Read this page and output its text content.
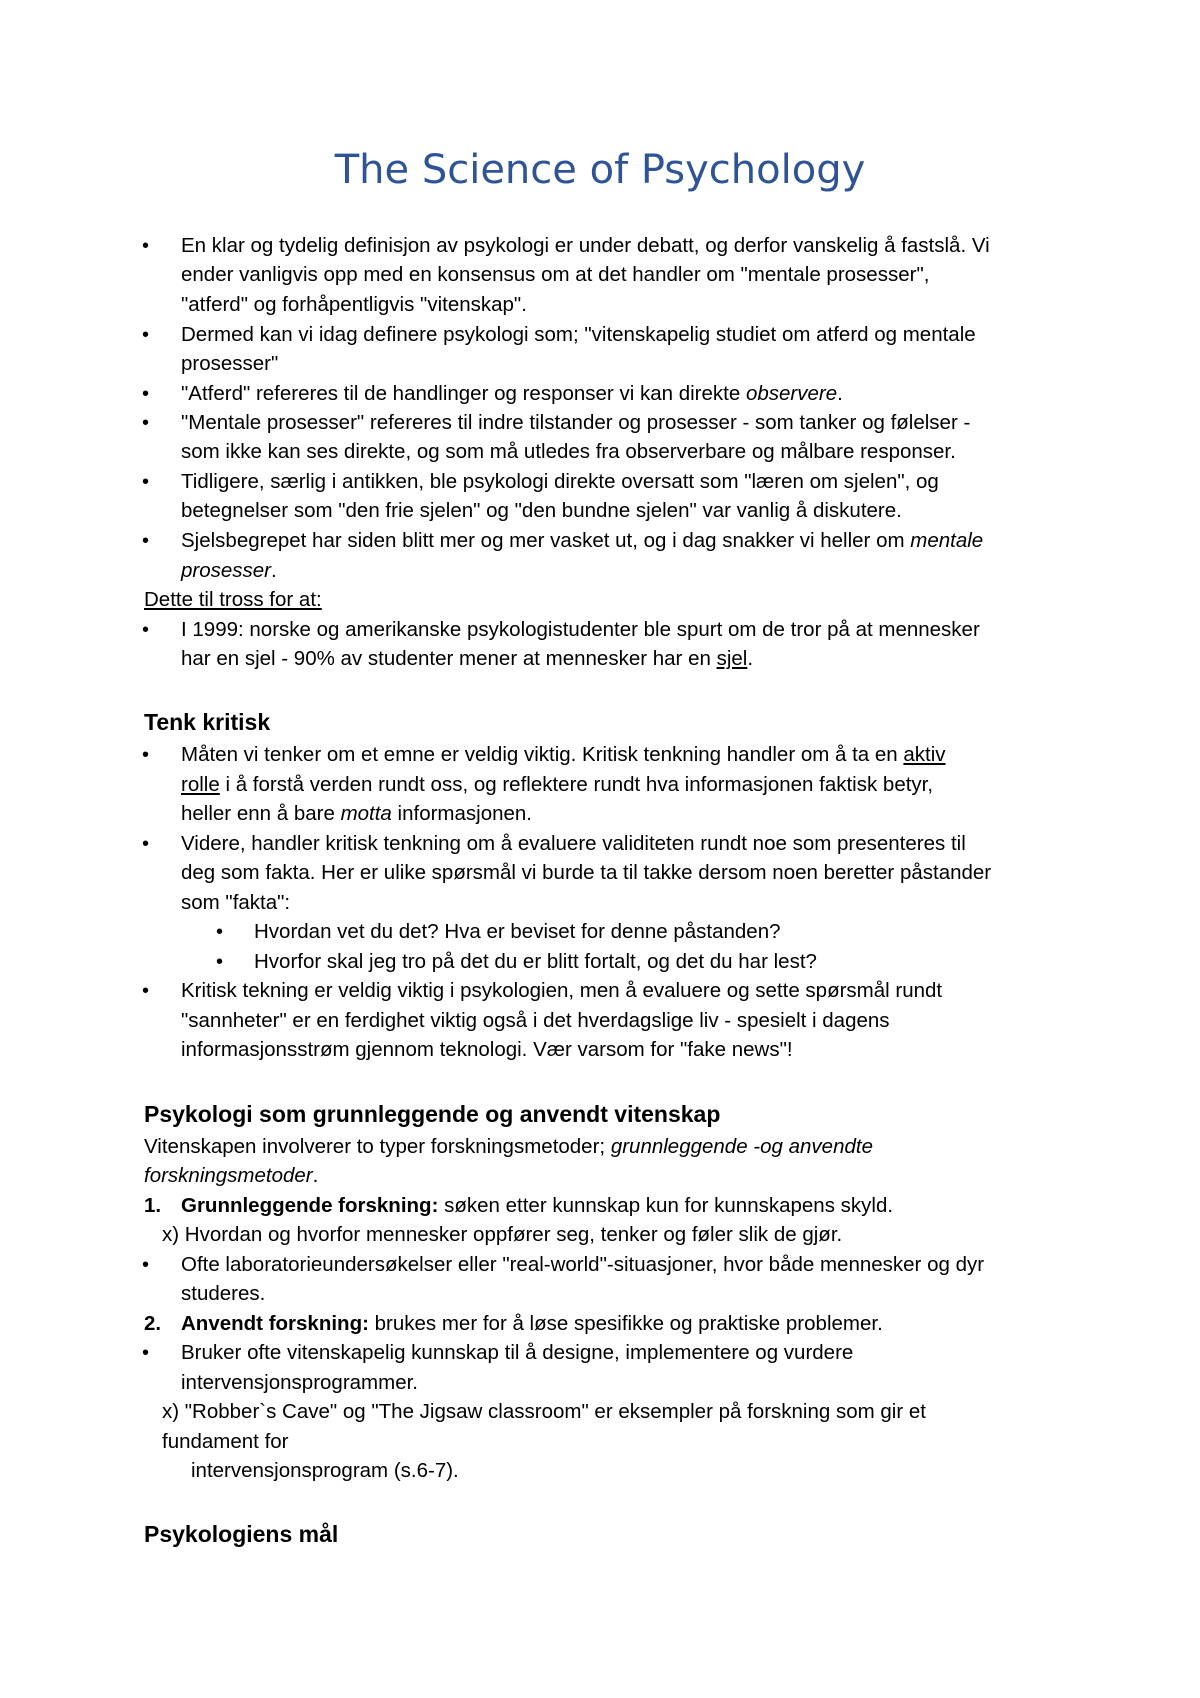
The Science of Psychology
• En klar og tydelig definisjon av psykologi er under debatt, og derfor vanskelig å fastslå. Vi
ender vanligvis opp med en konsensus om at det handler om "mentale prosesser",
"atferd" og forhåpentligvis "vitenskap".
• Dermed kan vi idag definere psykologi som; "vitenskapelig studiet om atferd og mentale
prosesser"
• "Atferd" refereres til de handlinger og responser vi kan direkte observere.
• "Mentale prosesser" refereres til indre tilstander og prosesser - som tanker og følelser -
som ikke kan ses direkte, og som må utledes fra observerbare og målbare responser.
• Tidligere, særlig i antikken, ble psykologi direkte oversatt som "læren om sjelen", og
betegnelser som "den frie sjelen" og "den bundne sjelen" var vanlig å diskutere.
• Sjelsbegrepet har siden blitt mer og mer vasket ut, og i dag snakker vi heller om mentale
prosesser.
Dette til tross for at:
• I 1999: norske og amerikanske psykologistudenter ble spurt om de tror på at mennesker
har en sjel - 90% av studenter mener at mennesker har en sjel.
Tenk kritisk
• Måten vi tenker om et emne er veldig viktig. Kritisk tenkning handler om å ta en aktiv
rolle i å forstå verden rundt oss, og reflektere rundt hva informasjonen faktisk betyr,
heller enn å bare motta informasjonen.
• Videre, handler kritisk tenkning om å evaluere validiteten rundt noe som presenteres til
deg som fakta. Her er ulike spørsmål vi burde ta til takke dersom noen beretter påstander
som "fakta":
• Hvordan vet du det? Hva er beviset for denne påstanden?
• Hvorfor skal jeg tro på det du er blitt fortalt, og det du har lest?
• Kritisk tekning er veldig viktig i psykologien, men å evaluere og sette spørsmål rundt
"sannheter" er en ferdighet viktig også i det hverdagslige liv - spesielt i dagens
informasjonsstrøm gjennom teknologi. Vær varsom for "fake news"!
Psykologi som grunnleggende og anvendt vitenskap
Vitenskapen involverer to typer forskningsmetoder; grunnleggende -og anvendte
forskningsmetoder.
1. Grunnleggende forskning: søken etter kunnskap kun for kunnskapens skyld.
x) Hvordan og hvorfor mennesker oppfører seg, tenker og føler slik de gjør.
• Ofte laboratorieundersøkelser eller "real-world"-situasjoner, hvor både mennesker og dyr
studeres.
2. Anvendt forskning: brukes mer for å løse spesifikke og praktiske problemer.
• Bruker ofte vitenskapelig kunnskap til å designe, implementere og vurdere
intervensjonsprogrammer.
x) "Robber`s Cave" og "The Jigsaw classroom" er eksempler på forskning som gir et
fundament for
intervensjonsprogram (s.6-7).
Psykologiens mål
